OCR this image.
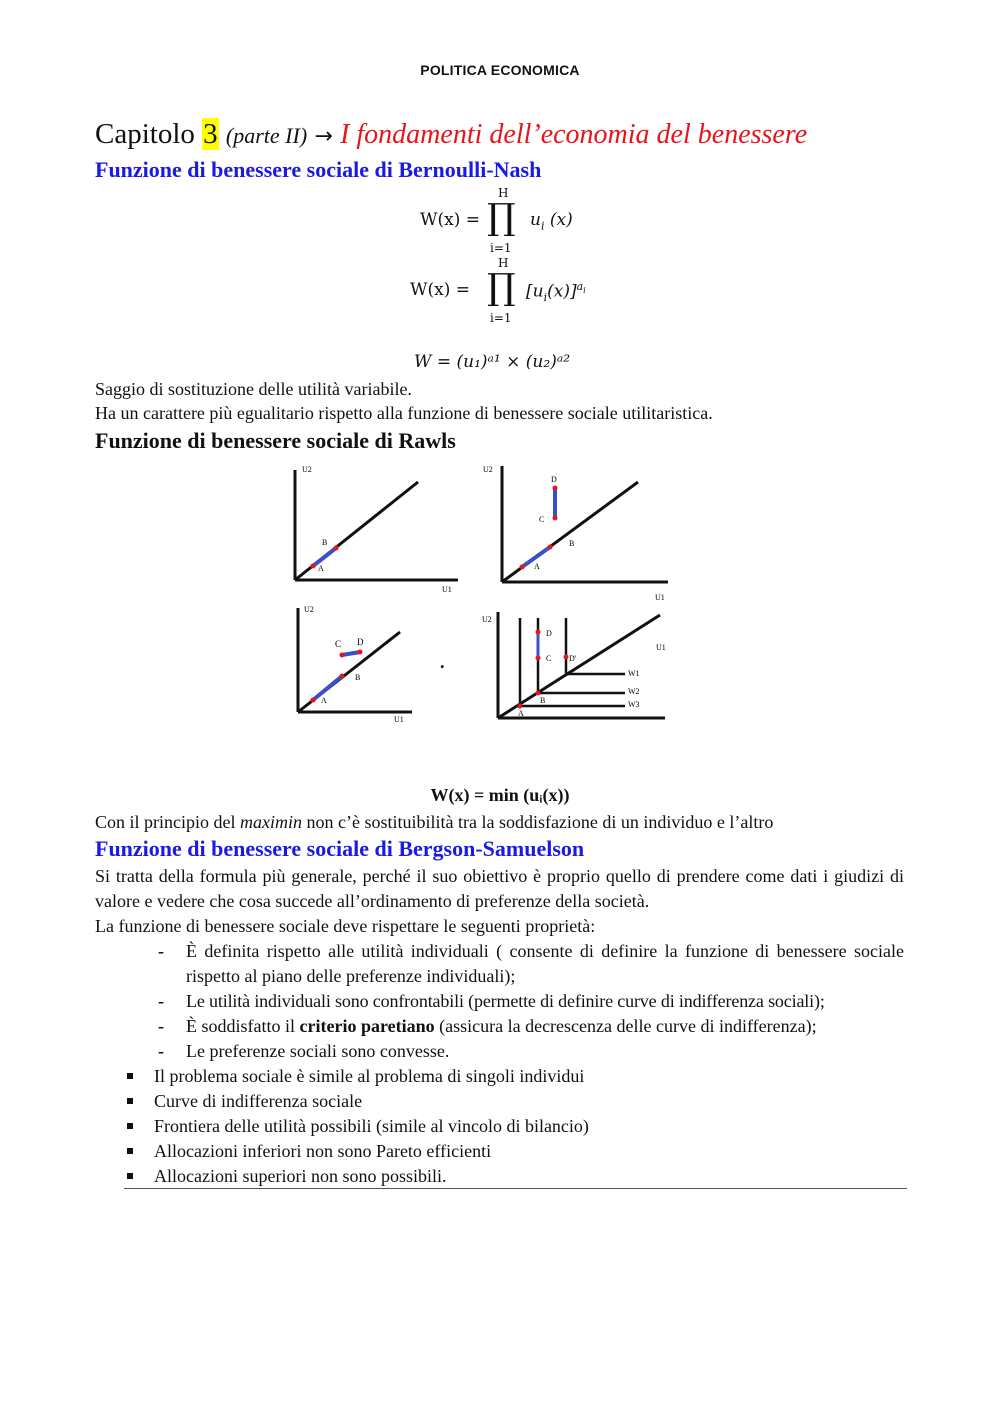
POLITICA ECONOMICA
Capitolo 3 (parte II) → I fondamenti dell’economia del benessere
Funzione di benessere sociale di Bernoulli-Nash
W(x) =
H
∏
i=1
$u_i$ (x)
W(x) =
H
∏
i=1
$[u_i(x)]^{a_i}$
W = (u₁)ᵃ¹ × (u₂)ᵃ²
Saggio di sostituzione delle utilità variabile.
Ha un carattere più egualitario rispetto alla funzione di benessere sociale utilitaristica.
Funzione di benessere sociale di Rawls
U2
U1
A
B
U2
U1
A
B
C
D
U2
U1
A
B
C D
.
U2
U1
A
B
C
D
D'
W1
W2
W3
W(x) = min (uᵢ(x))
Con il principio del maximin non c’è sostituibilità tra la soddisfazione di un individuo e l’altro
Funzione di benessere sociale di Bergson-Samuelson
Si tratta della formula più generale, perché il suo obiettivo è proprio quello di prendere come dati i giudizi di valore e vedere che cosa succede all’ordinamento di preferenze della società.
La funzione di benessere sociale deve rispettare le seguenti proprietà:
- È definita rispetto alle utilità individuali ( consente di definire la funzione di benessere sociale rispetto al piano delle preferenze individuali);
- Le utilità individuali sono confrontabili (permette di definire curve di indifferenza sociali);
- È soddisfatto il criterio paretiano (assicura la decrescenza delle curve di indifferenza);
- Le preferenze sociali sono convesse.
Il problema sociale è simile al problema di singoli individui
Curve di indifferenza sociale
Frontiera delle utilità possibili (simile al vincolo di bilancio)
Allocazioni inferiori non sono Pareto efficienti
Allocazioni superiori non sono possibili.
